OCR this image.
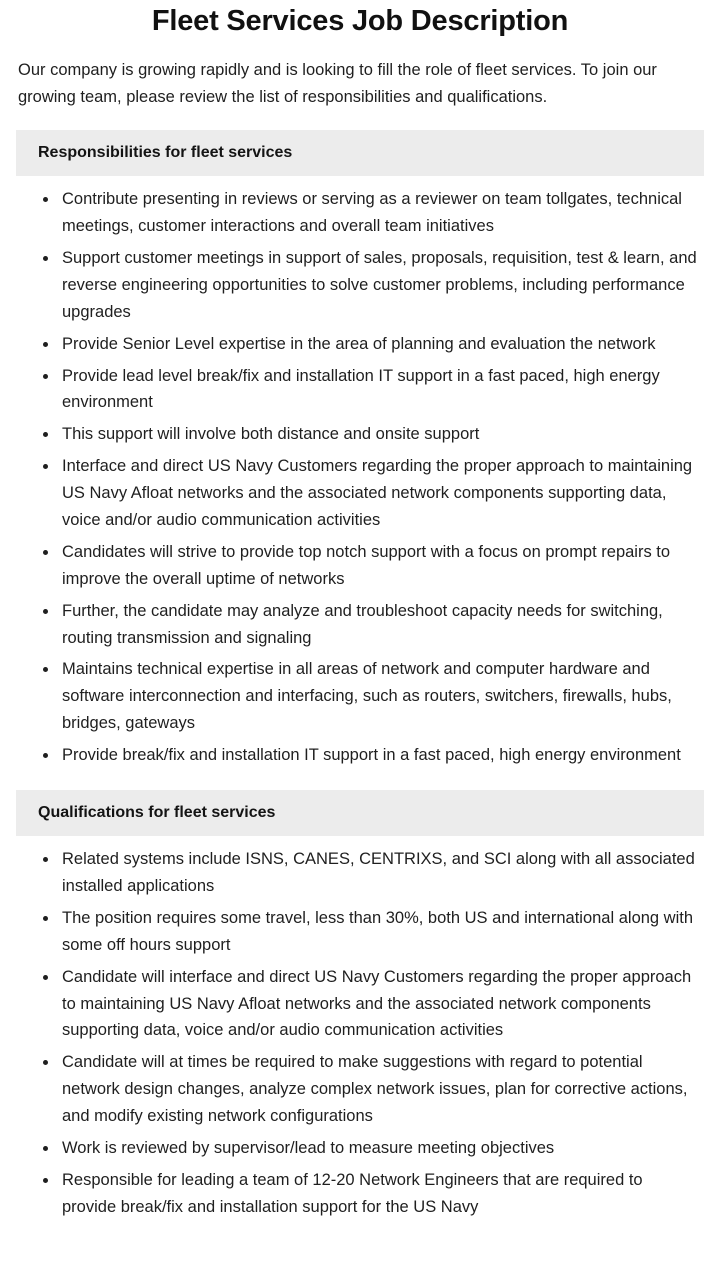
Fleet Services Job Description

Our company is growing rapidly and is looking to fill the role of fleet services. To join our growing team, please review the list of responsibilities and qualifications.

Responsibilities for fleet services
Contribute presenting in reviews or serving as a reviewer on team tollgates, technical meetings, customer interactions and overall team initiatives
Support customer meetings in support of sales, proposals, requisition, test & learn, and reverse engineering opportunities to solve customer problems, including performance upgrades
Provide Senior Level expertise in the area of planning and evaluation the network
Provide lead level break/fix and installation IT support in a fast paced, high energy environment
This support will involve both distance and onsite support
Interface and direct US Navy Customers regarding the proper approach to maintaining US Navy Afloat networks and the associated network components supporting data, voice and/or audio communication activities
Candidates will strive to provide top notch support with a focus on prompt repairs to improve the overall uptime of networks
Further, the candidate may analyze and troubleshoot capacity needs for switching, routing transmission and signaling
Maintains technical expertise in all areas of network and computer hardware and software interconnection and interfacing, such as routers, switchers, firewalls, hubs, bridges, gateways
Provide break/fix and installation IT support in a fast paced, high energy environment
Qualifications for fleet services
Related systems include ISNS, CANES, CENTRIXS, and SCI along with all associated installed applications
The position requires some travel, less than 30%, both US and international along with some off hours support
Candidate will interface and direct US Navy Customers regarding the proper approach to maintaining US Navy Afloat networks and the associated network components supporting data, voice and/or audio communication activities
Candidate will at times be required to make suggestions with regard to potential network design changes, analyze complex network issues, plan for corrective actions, and modify existing network configurations
Work is reviewed by supervisor/lead to measure meeting objectives
Responsible for leading a team of 12-20 Network Engineers that are required to provide break/fix and installation support for the US Navy
